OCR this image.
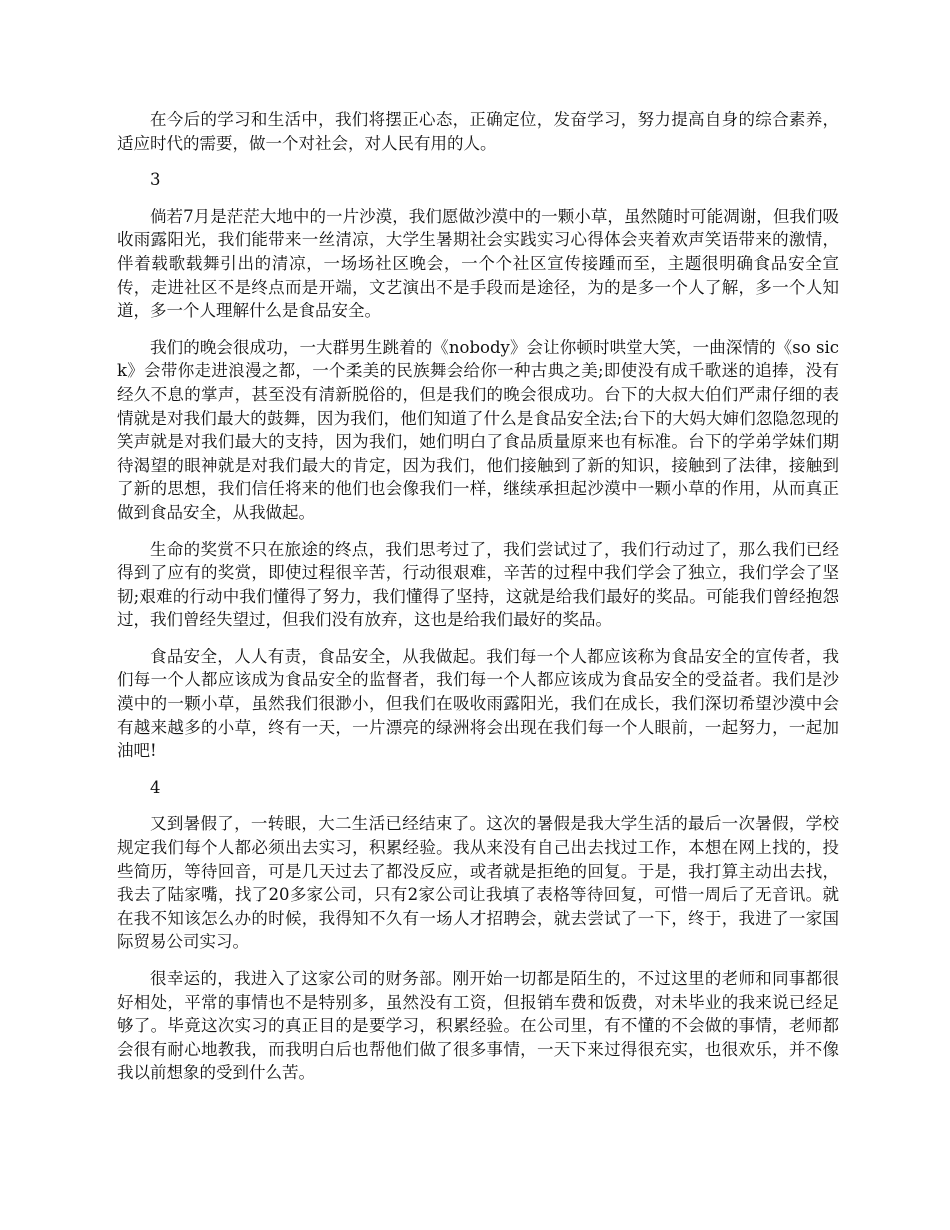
在今后的学习和生活中，我们将摆正心态，正确定位，发奋学习，努力提高自身的综合素养，适应时代的需要，做一个对社会，对人民有用的人。

3

倘若7月是茫茫大地中的一片沙漠，我们愿做沙漠中的一颗小草，虽然随时可能凋谢，但我们吸收雨露阳光，我们能带来一丝清凉，大学生暑期社会实践实习心得体会夹着欢声笑语带来的激情，伴着载歌载舞引出的清凉，一场场社区晚会，一个个社区宣传接踵而至，主题很明确食品安全宣传，走进社区不是终点而是开端，文艺演出不是手段而是途径，为的是多一个人了解，多一个人知道，多一个人理解什么是食品安全。

我们的晚会很成功，一大群男生跳着的《nobody》会让你顿时哄堂大笑，一曲深情的《so sick》会带你走进浪漫之都，一个柔美的民族舞会给你一种古典之美;即使没有成千歌迷的追捧，没有经久不息的掌声，甚至没有清新脱俗的，但是我们的晚会很成功。台下的大叔大伯们严肃仔细的表情就是对我们最大的鼓舞，因为我们，他们知道了什么是食品安全法;台下的大妈大婶们忽隐忽现的笑声就是对我们最大的支持，因为我们，她们明白了食品质量原来也有标准。台下的学弟学妹们期待渴望的眼神就是对我们最大的肯定，因为我们，他们接触到了新的知识，接触到了法律，接触到了新的思想，我们信任将来的他们也会像我们一样，继续承担起沙漠中一颗小草的作用，从而真正做到食品安全，从我做起。

生命的奖赏不只在旅途的终点，我们思考过了，我们尝试过了，我们行动过了，那么我们已经得到了应有的奖赏，即使过程很辛苦，行动很艰难，辛苦的过程中我们学会了独立，我们学会了坚韧;艰难的行动中我们懂得了努力，我们懂得了坚持，这就是给我们最好的奖品。可能我们曾经抱怨过，我们曾经失望过，但我们没有放弃，这也是给我们最好的奖品。

食品安全，人人有责，食品安全，从我做起。我们每一个人都应该称为食品安全的宣传者，我们每一个人都应该成为食品安全的监督者，我们每一个人都应该成为食品安全的受益者。我们是沙漠中的一颗小草，虽然我们很渺小，但我们在吸收雨露阳光，我们在成长，我们深切希望沙漠中会有越来越多的小草，终有一天，一片漂亮的绿洲将会出现在我们每一个人眼前，一起努力，一起加油吧!

4

又到暑假了，一转眼，大二生活已经结束了。这次的暑假是我大学生活的最后一次暑假，学校规定我们每个人都必须出去实习，积累经验。我从来没有自己出去找过工作，本想在网上找的，投些简历，等待回音，可是几天过去了都没反应，或者就是拒绝的回复。于是，我打算主动出去找，我去了陆家嘴，找了20多家公司，只有2家公司让我填了表格等待回复，可惜一周后了无音讯。就在我不知该怎么办的时候，我得知不久有一场人才招聘会，就去尝试了一下，终于，我进了一家国际贸易公司实习。

很幸运的，我进入了这家公司的财务部。刚开始一切都是陌生的，不过这里的老师和同事都很好相处，平常的事情也不是特别多，虽然没有工资，但报销车费和饭费，对未毕业的我来说已经足够了。毕竟这次实习的真正目的是要学习，积累经验。在公司里，有不懂的不会做的事情，老师都会很有耐心地教我，而我明白后也帮他们做了很多事情，一天下来过得很充实，也很欢乐，并不像我以前想象的受到什么苦。
